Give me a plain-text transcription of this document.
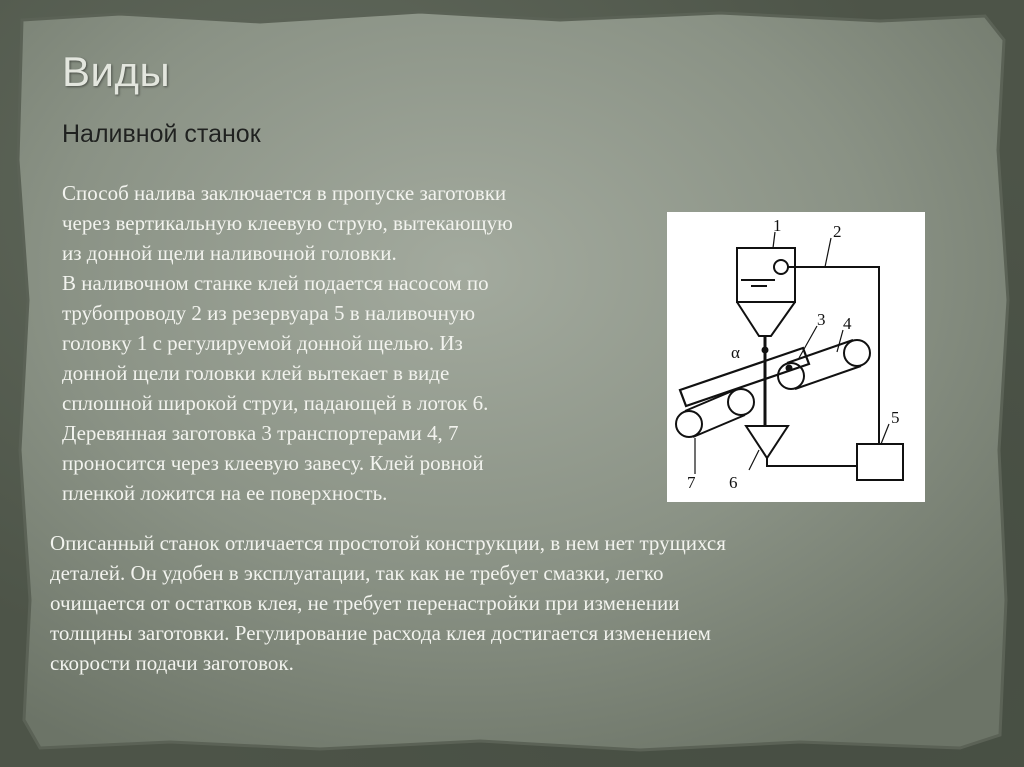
Виды
Наливной станок

Способ налива заключается в пропуске заготовки
через вертикальную клеевую струю, вытекающую
из донной щели наливочной головки.
В наливочном станке клей подается насосом по
трубопроводу 2 из резервуара 5 в наливочную
головку 1 с регулируемой донной щелью. Из
донной щели головки клей вытекает в виде
сплошной широкой струи, падающей в лоток 6.
Деревянная заготовка 3 транспортерами 4, 7
проносится через клеевую завесу. Клей ровной
пленкой ложится на ее поверхность.

1	2
3 4
5
6
7
α

Описанный станок отличается простотой конструкции, в нем нет трущихся
деталей. Он удобен в эксплуатации, так как не требует смазки, легко
очищается от остатков клея, не требует перенастройки при изменении
толщины заготовки. Регулирование расхода клея достигается изменением
скорости подачи заготовок.
